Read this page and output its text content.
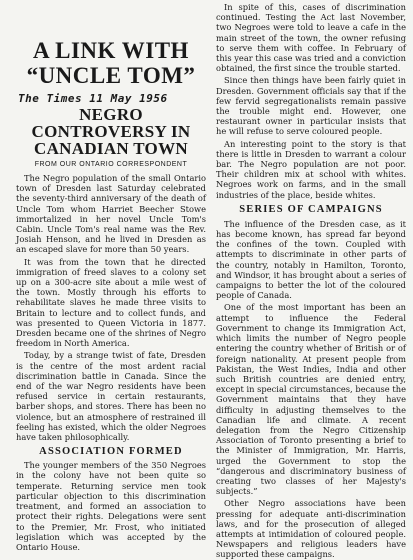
A LINK WITH “UNCLE TOM”
The Times 11 May 1956
NEGRO CONTROVERSY IN CANADIAN TOWN
FROM OUR ONTARIO CORRESPONDENT

The Negro population of the small Ontario town of Dresden last Saturday celebrated the seventy-third anniversary of the death of Uncle Tom whom Harriet Beecher Stowe immortalized in her novel Uncle Tom's Cabin. Uncle Tom's real name was the Rev. Josiah Henson, and he lived in Dresden as an escaped slave for more than 50 years.

It was from the town that he directed immigration of freed slaves to a colony set up on a 300-acre site about a mile west of the town. Mostly through his efforts to rehabilitate slaves he made three visits to Britain to lecture and to collect funds, and was presented to Queen Victoria in 1877. Dresden became one of the shrines of Negro freedom in North America.

Today, by a strange twist of fate, Dresden is the centre of the most ardent racial discrimination battle in Canada. Since the end of the war Negro residents have been refused service in certain restaurants, barber shops, and stores. There has been no violence, but an atmosphere of restrained ill feeling has existed, which the older Negroes have taken philosophically.

ASSOCIATION FORMED

The younger members of the 350 Negroes in the colony have not been quite so temperate. Returning service men took particular objection to this discrimination treatment, and formed an association to protect their rights. Delegations were sent to the Premier, Mr. Frost, who initiated legislation which was accepted by the Ontario House.

In spite of this, cases of discrimination continued. Testing the Act last November, two Negroes were told to leave a cafe in the main street of the town, the owner refusing to serve them with coffee. In February of this year this case was tried and a conviction obtained, the first since the trouble started.

Since then things have been fairly quiet in Dresden. Government officials say that if the few fervid segregationalists remain passive the trouble might end. However, one restaurant owner in particular insists that he will refuse to serve coloured people.

An interesting point to the story is that there is little in Dresden to warrant a colour bar. The Negro population are not poor. Their children mix at school with whites. Negroes work on farms, and in the small industries of the place, beside whites.

SERIES OF CAMPAIGNS

The influence of the Dresden case, as it has become known, has spread far beyond the confines of the town. Coupled with attempts to discriminate in other parts of the country, notably in Hamilton, Toronto, and Windsor, it has brought about a series of campaigns to better the lot of the coloured people of Canada.

One of the most important has been an attempt to influence the Federal Government to change its Immigration Act, which limits the number of Negro people entering the country whether of British or of foreign nationality. At present people from Pakistan, the West Indies, India and other such British countries are denied entry, except in special circumstances, because the Government maintains that they have difficulty in adjusting themselves to the Canadian life and climate. A recent delegation from the Negro Citizenship Association of Toronto presenting a brief to the Minister of Immigration, Mr. Harris, urged the Government to stop the “dangerous and discriminatory business of creating two classes of her Majesty's subjects.”

Other Negro associations have been pressing for adequate anti-discrimination laws, and for the prosecution of alleged attempts at intimidation of coloured people. Newspapers and religious leaders have supported these campaigns.
